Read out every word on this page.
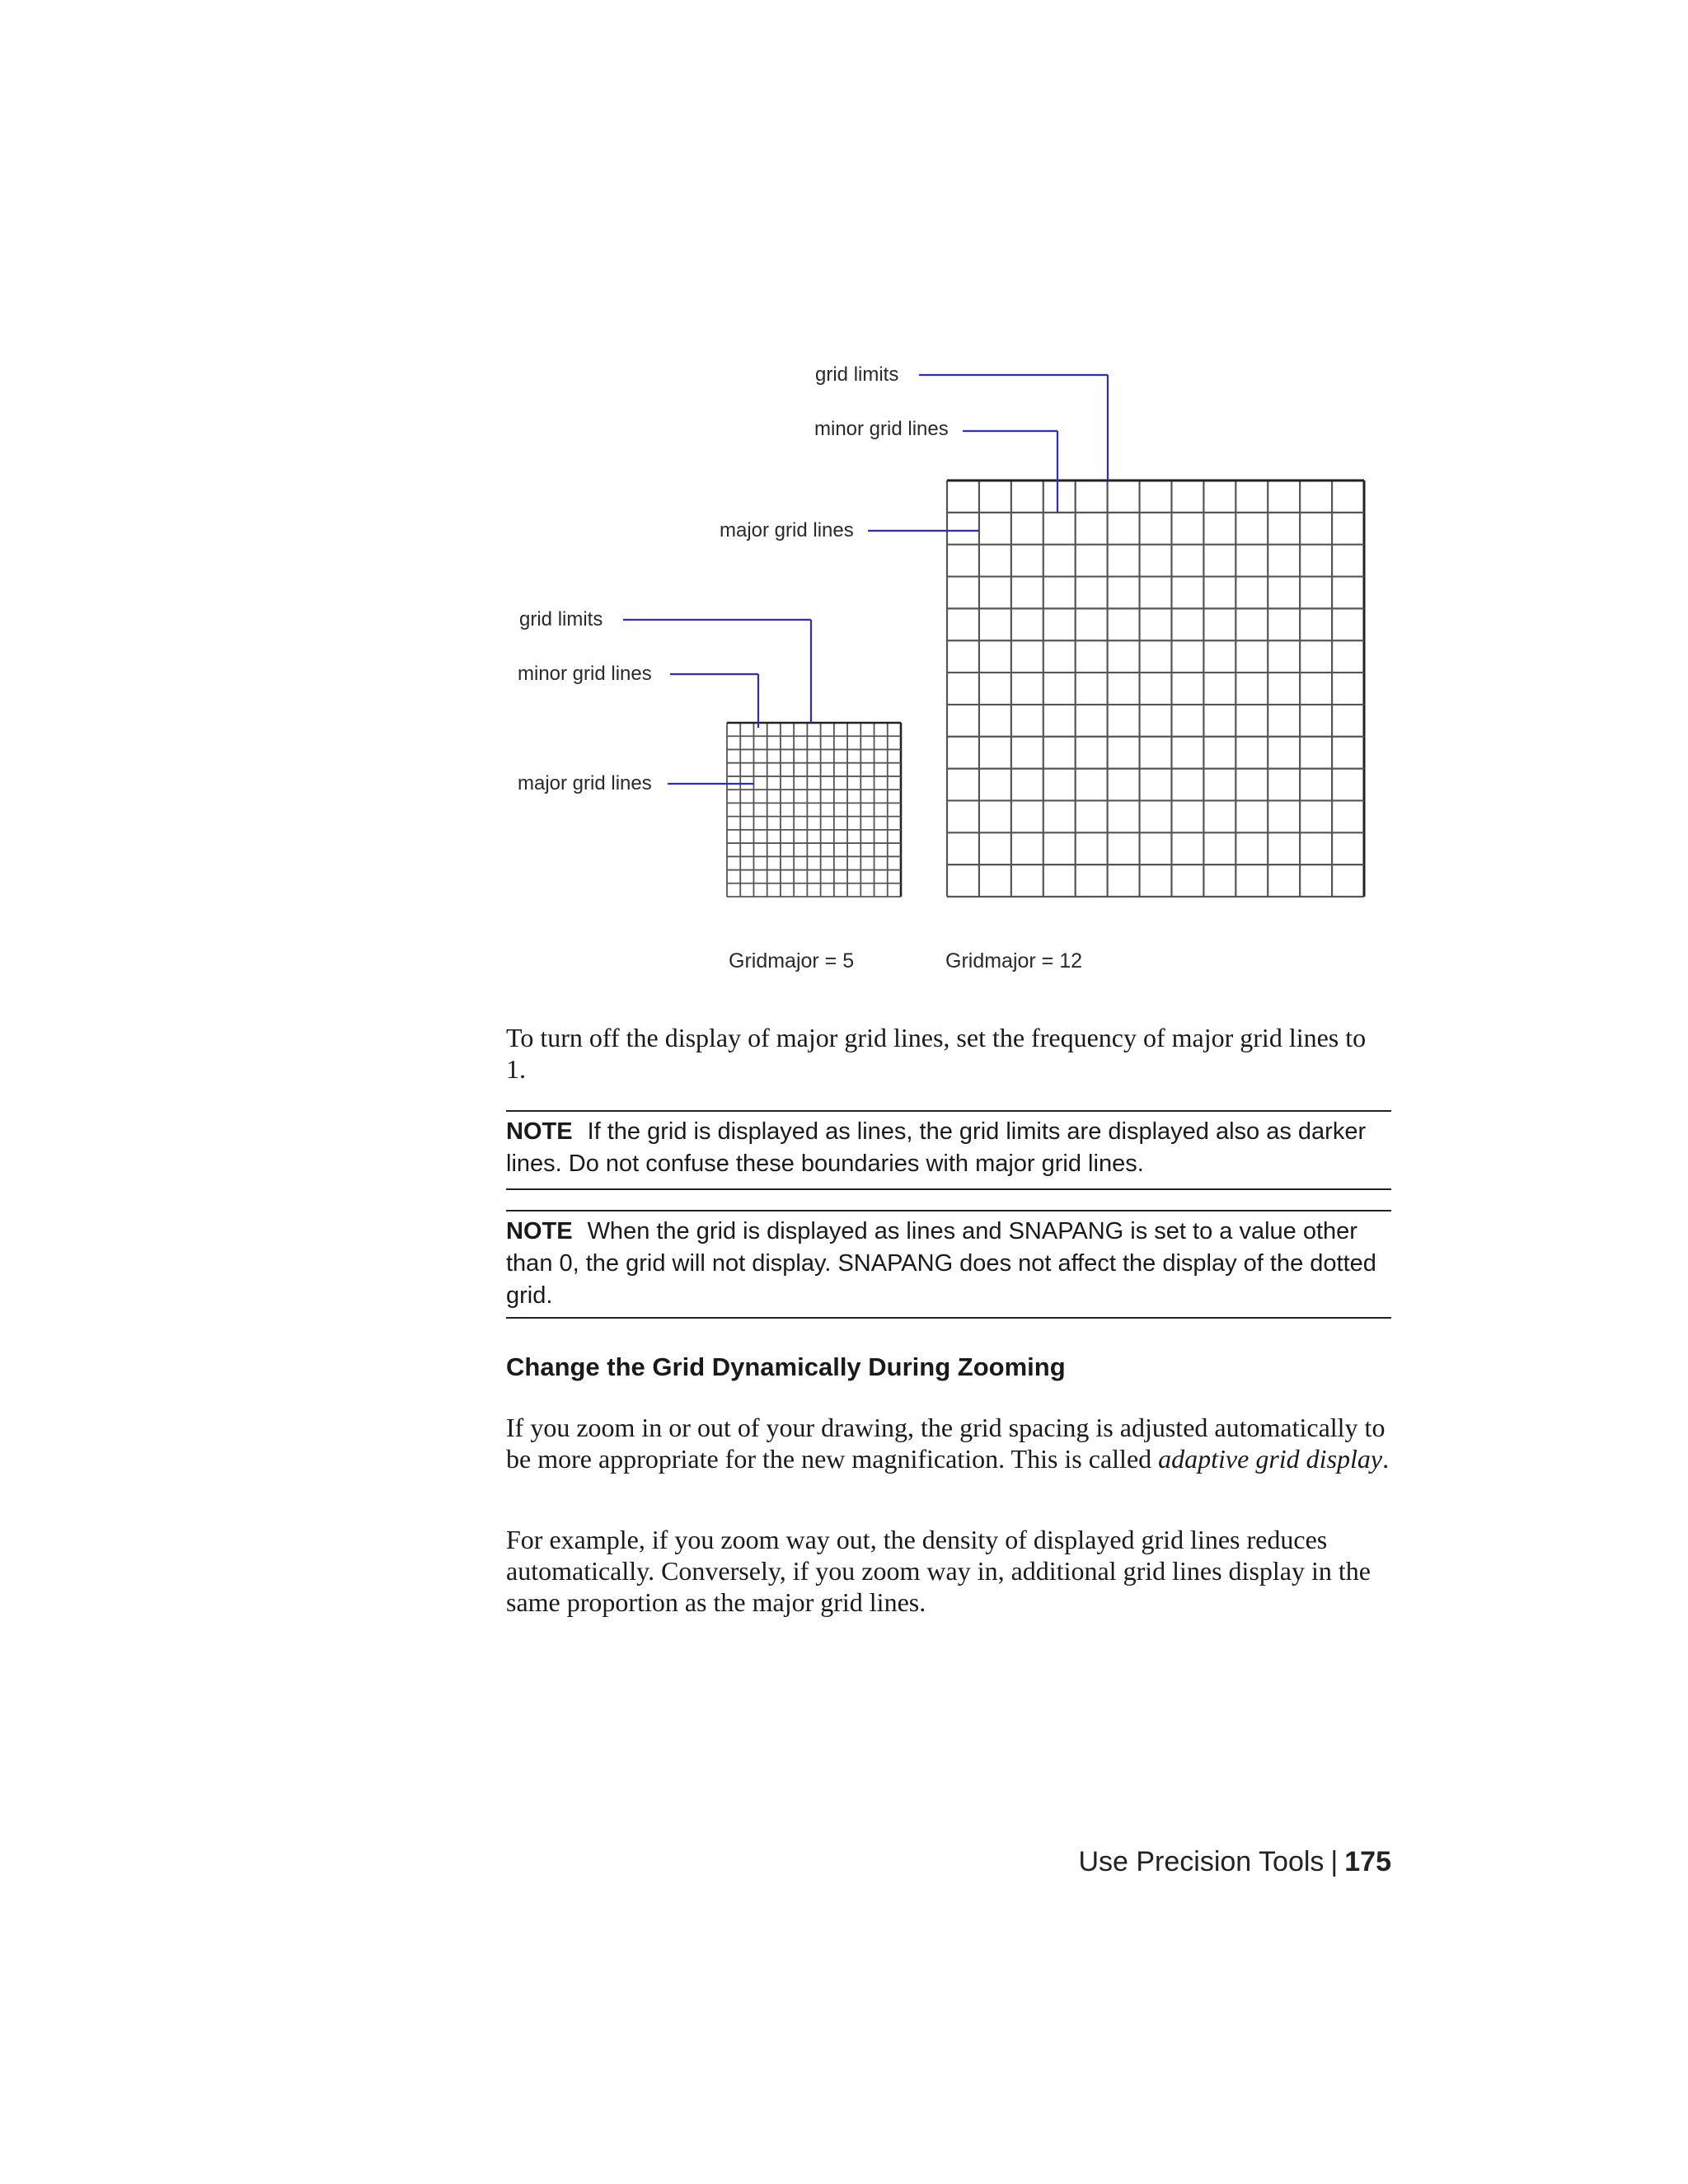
grid limits
minor grid lines
major grid lines
grid limits
minor grid lines
major grid lines
Gridmajor = 5	Gridmajor = 12

To turn off the display of major grid lines, set the frequency of major grid lines to 1.

NOTE If the grid is displayed as lines, the grid limits are displayed also as darker lines. Do not confuse these boundaries with major grid lines.
NOTE When the grid is displayed as lines and SNAPANG is set to a value other than 0, the grid will not display. SNAPANG does not affect the display of the dotted grid.
Change the Grid Dynamically During Zooming

If you zoom in or out of your drawing, the grid spacing is adjusted automatically to be more appropriate for the new magnification. This is called adaptive grid display.

For example, if you zoom way out, the density of displayed grid lines reduces automatically. Conversely, if you zoom way in, additional grid lines display in the same proportion as the major grid lines.

Use Precision Tools | 175
